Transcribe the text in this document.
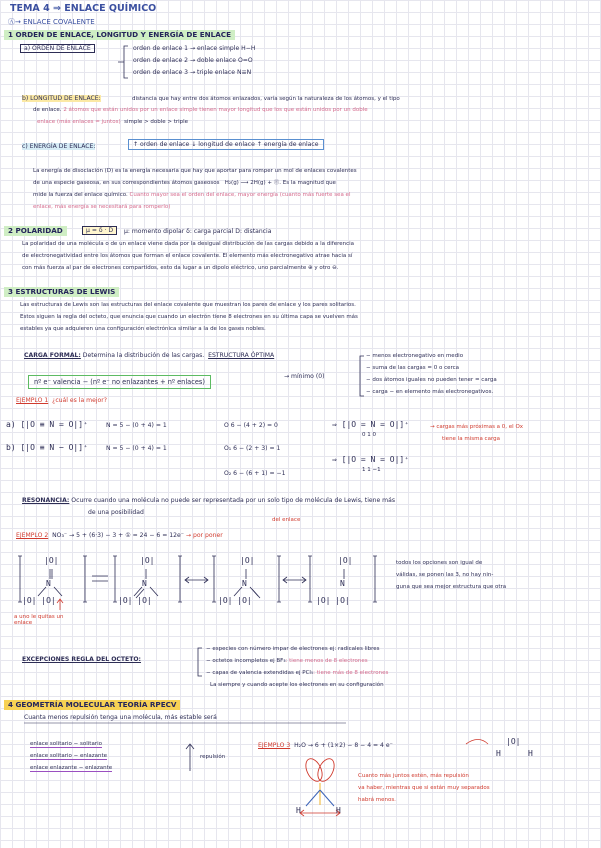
TEMA 4 ⇒ ENLACE QUÍMICO
Ⓐ→ ENLACE COVALENTE
1 ORDEN DE ENLACE, LONGITUD Y ENERGÍA DE ENLACE
a) ORDEN DE ENLACE	orden de enlace 1 → enlace simple H−H
orden de enlace 2 → doble enlace O=O
orden de enlace 3 → triple enlace N≡N
b) LONGITUD DE ENLACE:	distancia que hay entre dos átomos enlazados, varía según la naturaleza de los átomos, y el tipo
de enlace. 2 átomos que están unidos por un enlace simple tienen mayor longitud que los que están unidos por un doble
enlace (más enlaces = juntos) simple > doble > triple
c) ENERGÍA DE ENLACE:	↑ orden de enlace ↓ longitud de enlace ↑ energía de enlace
La energía de disociación (D) es la energía necesaria que hay que aportar para romper un mol de enlaces covalentes
de una especie gaseosa, en sus correspondientes átomos gaseosos H₂(g) ⟶ 2H(g) + Ⓔ. Es la magnitud que
mide la fuerza del enlace químico. Cuanto mayor sea el orden del enlace, mayor energía (cuanto más fuerte sea el
enlace, más energía se necesitará para romperlo)
2 POLARIDAD	μ = δ · D	μ: momento dipolar δ: carga parcial D: distancia
La polaridad de una molécula o de un enlace viene dada por la desigual distribución de las cargas debido a la diferencia
de electronegatividad entre los átomos que forman el enlace covalente. El elemento más electronegativo atrae hacia sí
con más fuerza al par de electrones compartidos, esto da lugar a un dipolo eléctrico, uno parcialmente ⊕ y otro ⊖.
3 ESTRUCTURAS DE LEWIS
Las estructuras de Lewis son las estructuras del enlace covalente que muestran los pares de enlace y los pares solitarios.
Estos siguen la regla del octeto, que enuncia que cuando un electrón tiene 8 electrones en su última capa se vuelven más
estables ya que adquieren una configuración electrónica similar a la de los gases nobles.
CARGA FORMAL: Determina la distribución de las cargas. ESTRUCTURA ÓPTIMA	− menos electronegativo en medio
− suma de las cargas = 0 o cerca
− dos átomos iguales no pueden tener = carga
− carga − en elemento más electronegativos.
nº e⁻ valencia − (nº e⁻ no enlazantes + nº enlaces)
→ mínimo (0)
EJEMPLO 1 ¿cuál es la mejor?
a) [|O ≡ N = O|]⁺	N = 5 − (0 + 4) = 1	O 6 − (4 + 2) = 0
b) [|O ≡ N − O|]⁺	N = 5 − (0 + 4) = 1	O₁ 6 − (2 + 3) = 1
O₂ 6 − (6 + 1) = −1
⇒ [|O = N = O|]⁺
0 1 0
⇒ [|O = N = O|]⁺
1 1 −1
→ cargas más próximas a 0, el Ox
tiene la misma carga
RESONANCIA: Ocurre cuando una molécula no puede ser representada por un solo tipo de molécula de Lewis, tiene más
de una posibilidad
del enlace
EJEMPLO 2 NO₃⁻ → 5 + (6·3) − 3 + ① = 24 − 6 = 12e⁻ → por poner
|O|
N
|O| |O|
|O|
N
|O| |O|
|O|
N
|O| |O|
|O|
N
|O| |O|
a uno le quitas un enlace
todos los opciones son igual de
válidas, se ponen las 3, no hay nin-
guna que sea mejor estructura que otra
EXCEPCIONES REGLA DEL OCTETO:
− especies con número impar de electrones ej: radicales libres
− octetos incompletos ej BF₃: tiene menos de 8 electrones
− capas de valencia extendidas ej PCl₅: tiene más de 8 electrones
La siempre y cuando acepte los electrones en su configuración
4 GEOMETRÍA MOLECULAR TEORÍA RPECV
Cuanta menos repulsión tenga una molécula, más estable será
enlace solitario − solitario
enlace solitario − enlazante
enlace enlazante − enlazante
repulsión
EJEMPLO 3 H₂O → 6 + (1×2) − 8 − 4 = 4 e⁻	|O|
H	H
H	H
Cuanto más juntos estén, más repulsión
va haber, mientras que si están muy separados
habrá menos.
